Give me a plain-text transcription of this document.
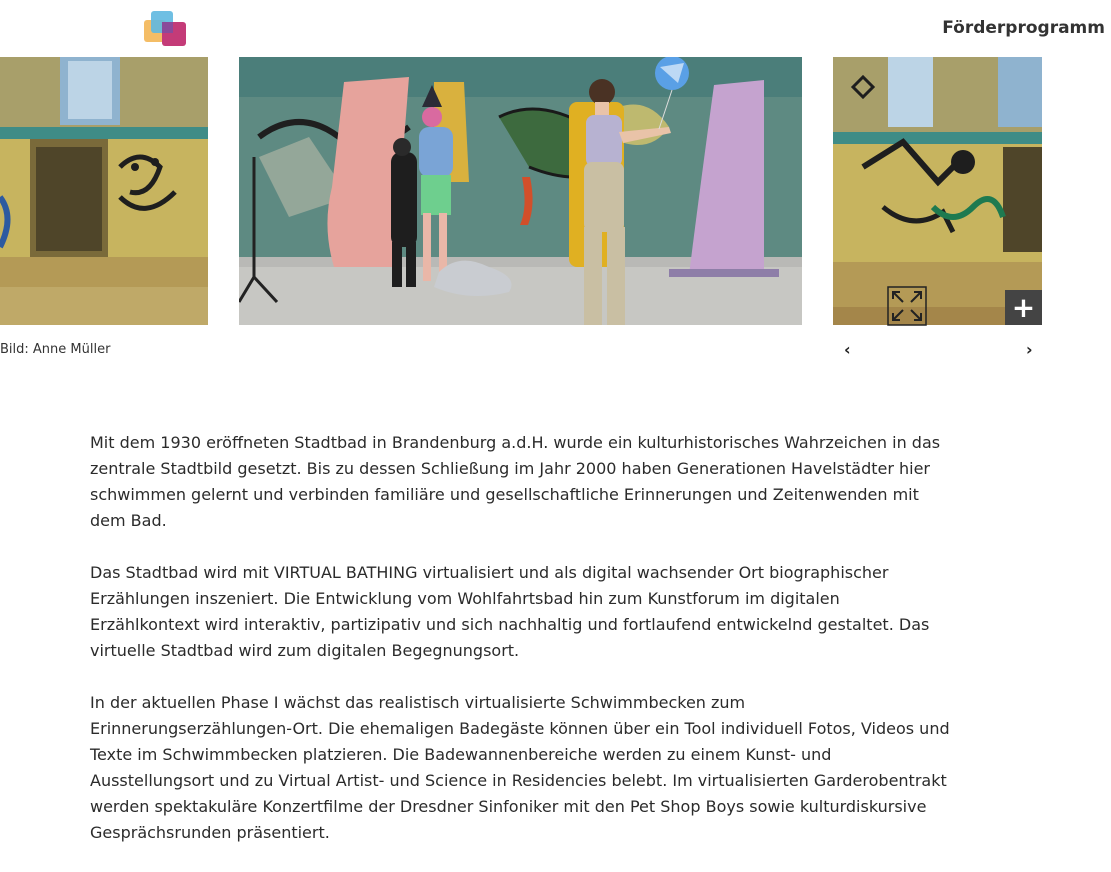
Förderprogramm
+
Bild: Anne Müller	‹	›

Mit dem 1930 eröffneten Stadtbad in Brandenburg a.d.H. wurde ein kulturhistorisches Wahrzeichen in das zentrale Stadtbild gesetzt. Bis zu dessen Schließung im Jahr 2000 haben Generationen Havelstädter hier schwimmen gelernt und verbinden familiäre und gesellschaftliche Erinnerungen und Zeitenwenden mit dem Bad.

Das Stadtbad wird mit VIRTUAL BATHING virtualisiert und als digital wachsender Ort biographischer Erzählungen inszeniert. Die Entwicklung vom Wohlfahrtsbad hin zum Kunstforum im digitalen Erzählkontext wird interaktiv, partizipativ und sich nachhaltig und fortlaufend entwickelnd gestaltet. Das virtuelle Stadtbad wird zum digitalen Begegnungsort.

In der aktuellen Phase I wächst das realistisch virtualisierte Schwimmbecken zum Erinnerungserzählungen-Ort. Die ehemaligen Badegäste können über ein Tool individuell Fotos, Videos und Texte im Schwimmbecken platzieren. Die Badewannenbereiche werden zu einem Kunst- und Ausstellungsort und zu Virtual Artist- und Science in Residencies belebt. Im virtualisierten Garderobentrakt werden spektakuläre Konzertfilme der Dresdner Sinfoniker mit den Pet Shop Boys sowie kulturdiskursive Gesprächsrunden präsentiert.
